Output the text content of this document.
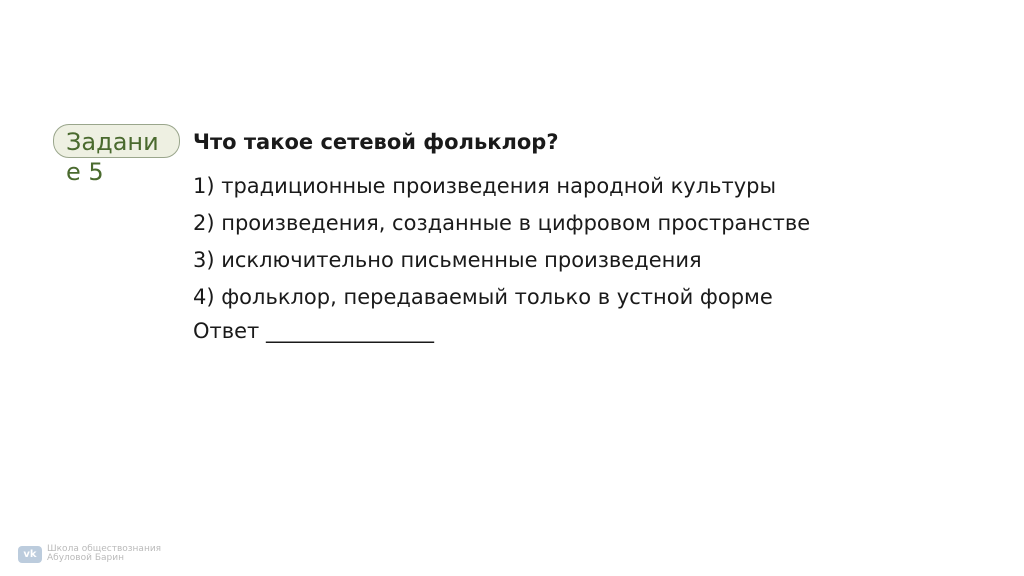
Задание 5
Что такое сетевой фольклор?
1) традиционные произведения народной культуры
2) произведения, созданные в цифровом пространстве
3) исключительно письменные произведения
4) фольклор, передаваемый только в устной форме
Ответ ________________
vk	Школа обществознания
Абуловой Барин
